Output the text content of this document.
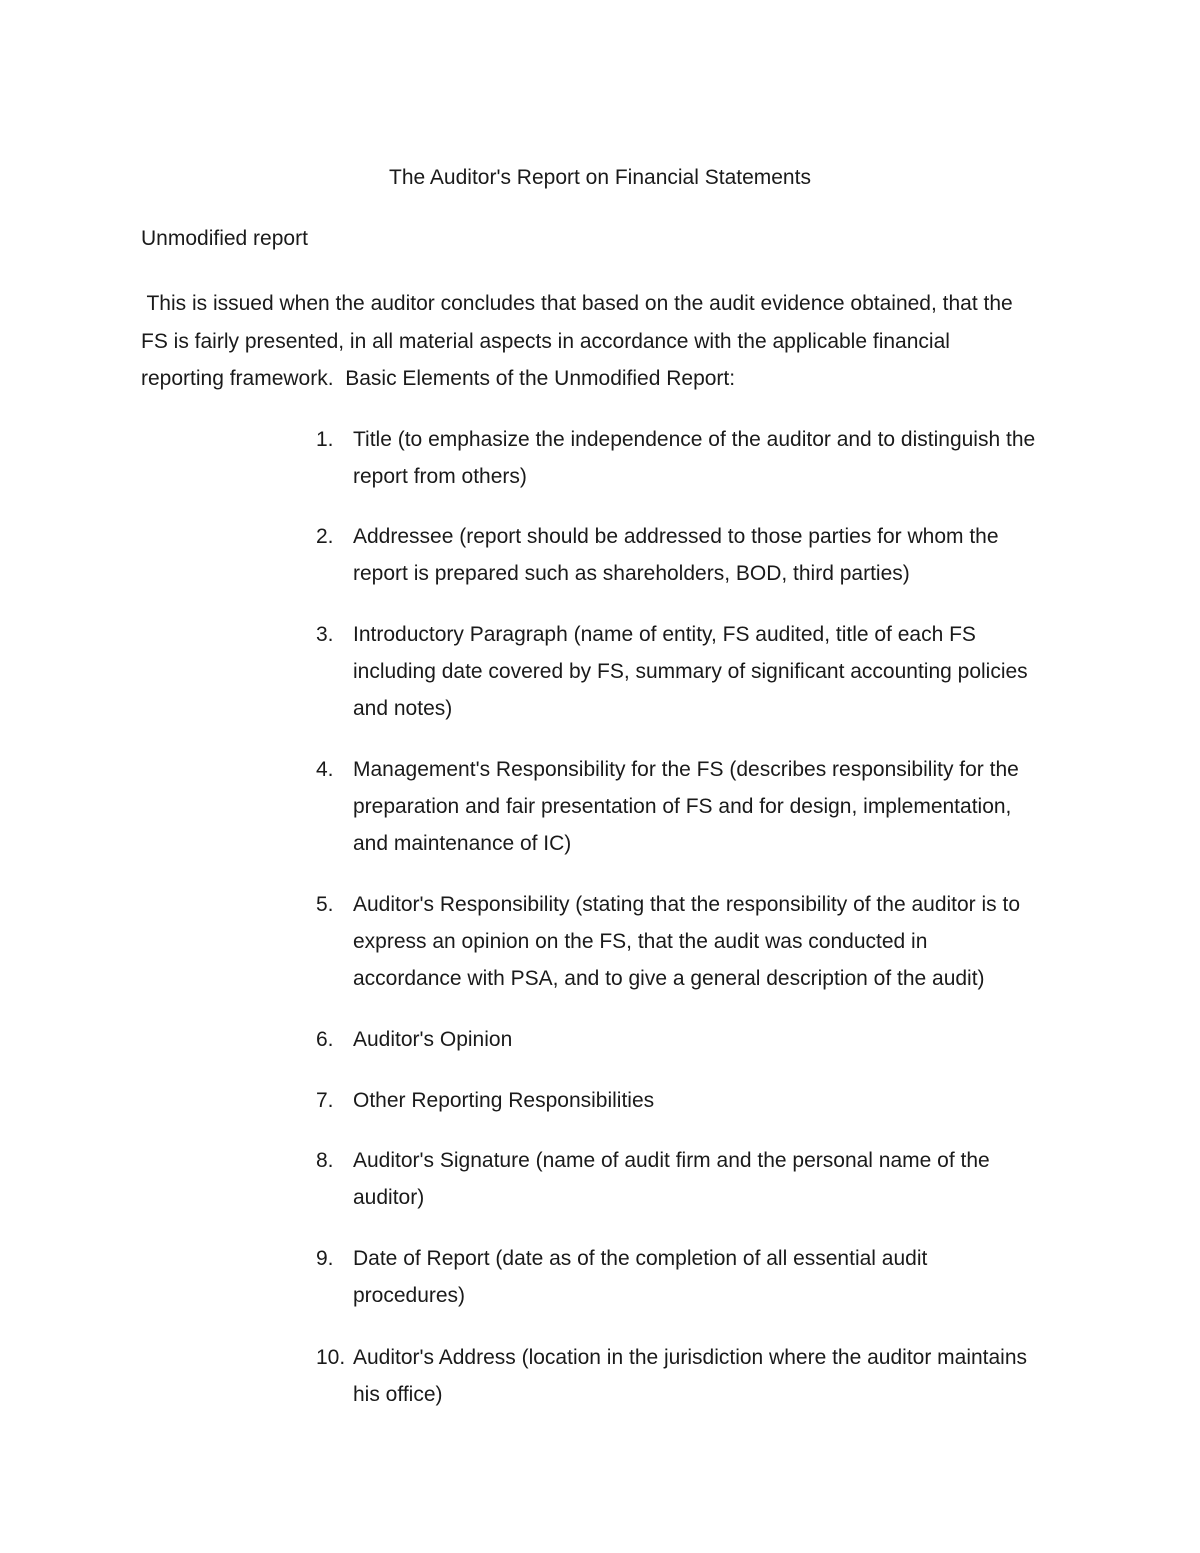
The Auditor's Report on Financial Statements
Unmodified report

This is issued when the auditor concludes that based on the audit evidence obtained, that the
FS is fairly presented, in all material aspects in accordance with the applicable financial
reporting framework.  Basic Elements of the Unmodified Report:

1. Title (to emphasize the independence of the auditor and to distinguish the
report from others)
2. Addressee (report should be addressed to those parties for whom the
report is prepared such as shareholders, BOD, third parties)
3. Introductory Paragraph (name of entity, FS audited, title of each FS
including date covered by FS, summary of significant accounting policies
and notes)
4. Management's Responsibility for the FS (describes responsibility for the
preparation and fair presentation of FS and for design, implementation,
and maintenance of IC)
5. Auditor's Responsibility (stating that the responsibility of the auditor is to
express an opinion on the FS, that the audit was conducted in
accordance with PSA, and to give a general description of the audit)
6. Auditor's Opinion
7. Other Reporting Responsibilities
8. Auditor's Signature (name of audit firm and the personal name of the
auditor)
9. Date of Report (date as of the completion of all essential audit
procedures)
10. Auditor's Address (location in the jurisdiction where the auditor maintains
his office)
